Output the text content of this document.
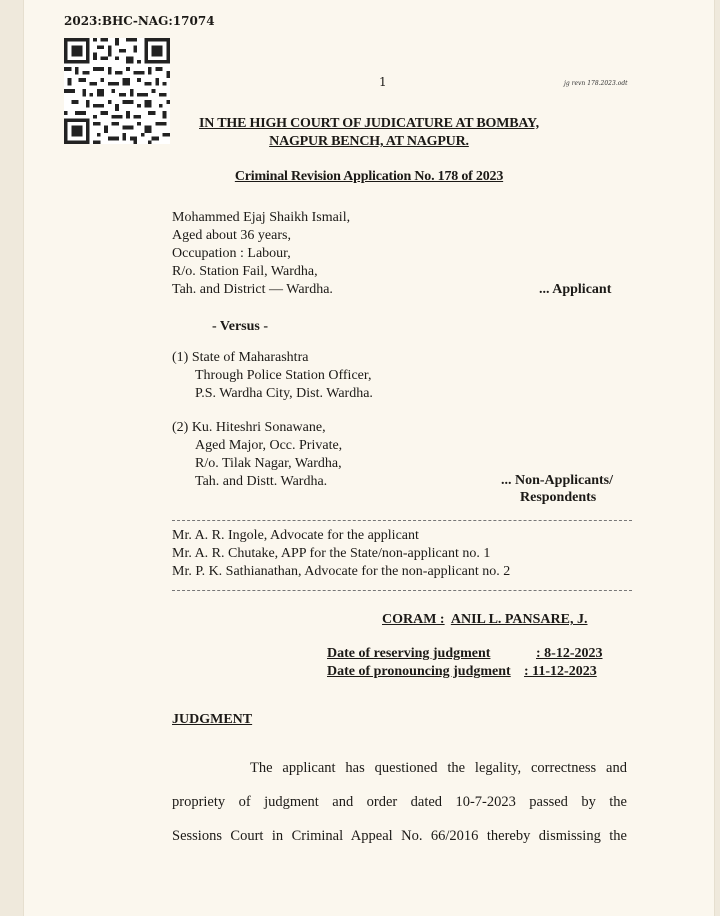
2023:BHC-NAG:17074
1	jg revn 178.2023.odt
IN THE HIGH COURT OF JUDICATURE AT BOMBAY,
NAGPUR BENCH, AT NAGPUR.
Criminal Revision Application No. 178 of 2023
Mohammed Ejaj Shaikh Ismail,
Aged about 36 years,
Occupation : Labour,
R/o. Station Fail, Wardha,
Tah. and District — Wardha.	... Applicant
- Versus -
(1) State of Maharashtra
Through Police Station Officer,
P.S. Wardha City, Dist. Wardha.
(2) Ku. Hiteshri Sonawane,
Aged Major, Occ. Private,
R/o. Tilak Nagar, Wardha,
Tah. and Distt. Wardha.	... Non-Applicants/
Respondents
Mr. A. R. Ingole, Advocate for the applicant
Mr. A. R. Chutake, APP for the State/non-applicant no. 1
Mr. P. K. Sathianathan, Advocate for the non-applicant no. 2
CORAM : ANIL L. PANSARE, J.
Date of reserving judgment	: 8-12-2023
Date of pronouncing judgment : 11-12-2023
JUDGMENT
The applicant has questioned the legality, correctness and
propriety of judgment and order dated 10-7-2023 passed by the
Sessions Court in Criminal Appeal No. 66/2016 thereby dismissing the
